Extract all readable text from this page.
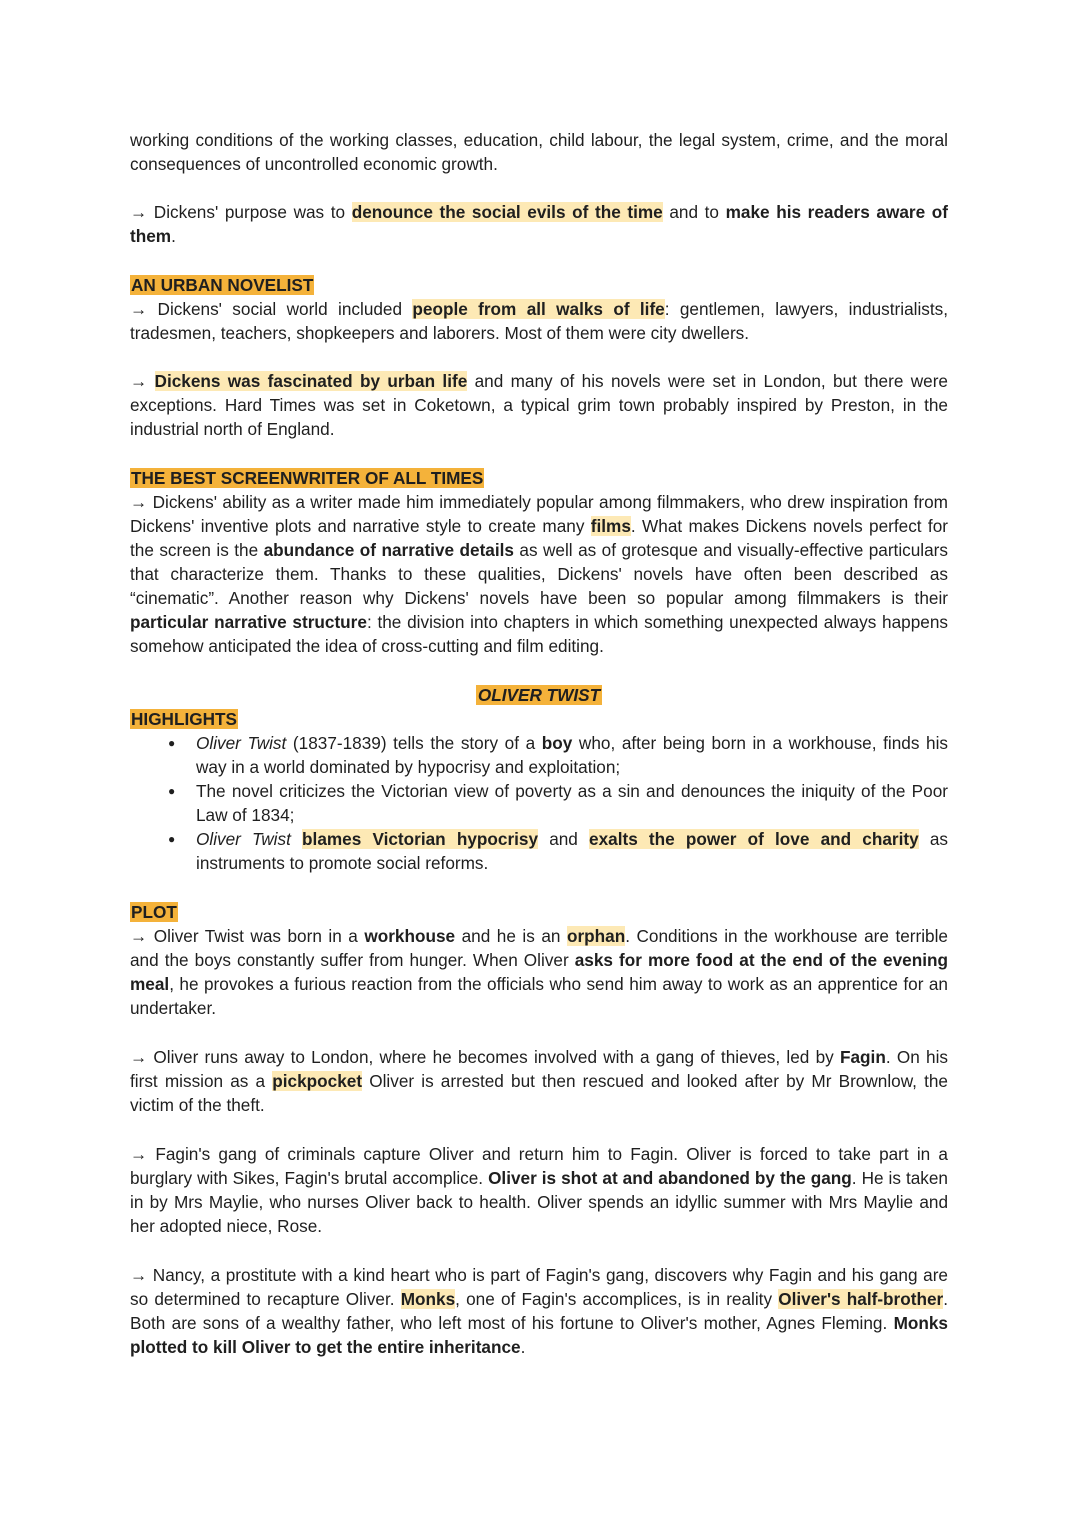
working conditions of the working classes, education, child labour, the legal system, crime, and the moral consequences of uncontrolled economic growth.

→ Dickens' purpose was to denounce the social evils of the time and to make his readers aware of them.

AN URBAN NOVELIST

→ Dickens' social world included people from all walks of life: gentlemen, lawyers, industrialists, tradesmen, teachers, shopkeepers and laborers. Most of them were city dwellers.

→ Dickens was fascinated by urban life and many of his novels were set in London, but there were exceptions. Hard Times was set in Coketown, a typical grim town probably inspired by Preston, in the industrial north of England.

THE BEST SCREENWRITER OF ALL TIMES

→ Dickens' ability as a writer made him immediately popular among filmmakers, who drew inspiration from Dickens' inventive plots and narrative style to create many films. What makes Dickens novels perfect for the screen is the abundance of narrative details as well as of grotesque and visually-effective particulars that characterize them. Thanks to these qualities, Dickens' novels have often been described as “cinematic”. Another reason why Dickens' novels have been so popular among filmmakers is their particular narrative structure: the division into chapters in which something unexpected always happens somehow anticipated the idea of cross-cutting and film editing.

OLIVER TWIST

HIGHLIGHTS

● Oliver Twist (1837-1839) tells the story of a boy who, after being born in a workhouse, finds his way in a world dominated by hypocrisy and exploitation;
● The novel criticizes the Victorian view of poverty as a sin and denounces the iniquity of the Poor Law of 1834;
● Oliver Twist blames Victorian hypocrisy and exalts the power of love and charity as instruments to promote social reforms.

PLOT

→ Oliver Twist was born in a workhouse and he is an orphan. Conditions in the workhouse are terrible and the boys constantly suffer from hunger. When Oliver asks for more food at the end of the evening meal, he provokes a furious reaction from the officials who send him away to work as an apprentice for an undertaker.

→ Oliver runs away to London, where he becomes involved with a gang of thieves, led by Fagin. On his first mission as a pickpocket Oliver is arrested but then rescued and looked after by Mr Brownlow, the victim of the theft.

→ Fagin's gang of criminals capture Oliver and return him to Fagin. Oliver is forced to take part in a burglary with Sikes, Fagin's brutal accomplice. Oliver is shot at and abandoned by the gang. He is taken in by Mrs Maylie, who nurses Oliver back to health. Oliver spends an idyllic summer with Mrs Maylie and her adopted niece, Rose.

→ Nancy, a prostitute with a kind heart who is part of Fagin's gang, discovers why Fagin and his gang are so determined to recapture Oliver. Monks, one of Fagin's accomplices, is in reality Oliver's half-brother. Both are sons of a wealthy father, who left most of his fortune to Oliver's mother, Agnes Fleming. Monks plotted to kill Oliver to get the entire inheritance.
